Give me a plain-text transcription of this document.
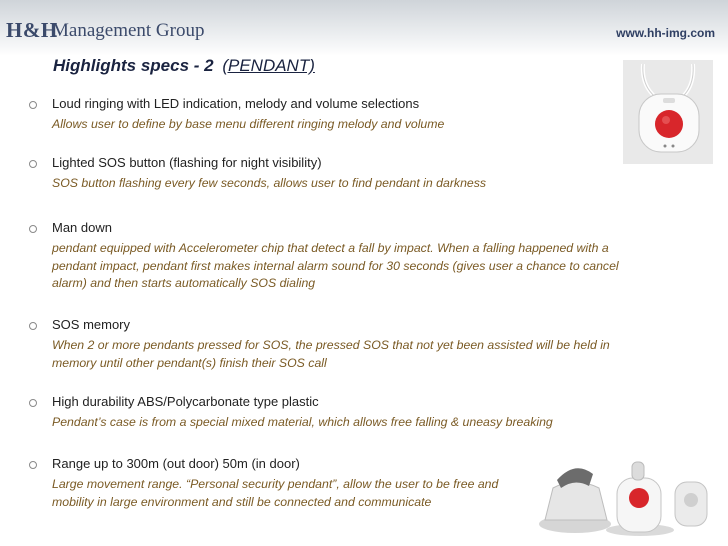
H&H
Management Group	www.hh-img.com
Highlights specs - 2 (PENDANT)
Loud ringing with LED indication, melody and volume selections
Allows user to define by base menu different ringing melody and volume
Lighted SOS button (flashing for night visibility)
SOS button flashing every few seconds, allows user to find pendant in darkness
Man down
pendant equipped with Accelerometer chip that detect a fall by impact. When a falling happened with a pendant impact, pendant first makes internal alarm sound for 30 seconds (gives user a chance to cancel alarm) and then starts automatically SOS dialing
SOS memory
When 2 or more pendants pressed for SOS, the pressed SOS that not yet been assisted will be held in memory until other pendant(s) finish their SOS call
High durability ABS/Polycarbonate type plastic
Pendant’s case is from a special mixed material, which allows free falling & uneasy breaking
Range up to 300m (out door) 50m (in door)
Large movement range. “Personal security pendant”, allow the user to be free and mobility in large environment and still be connected and communicate
